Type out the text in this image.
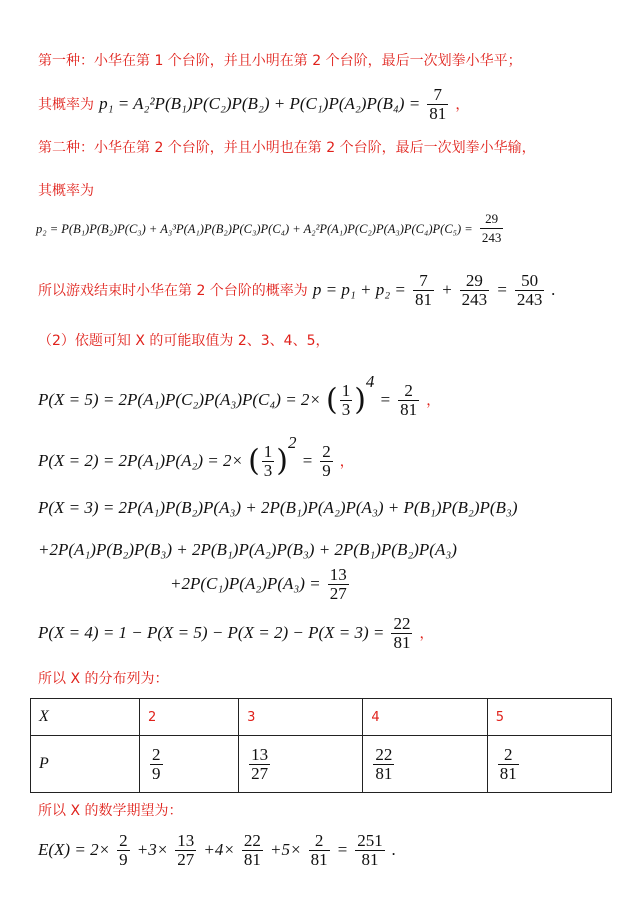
第一种：小华在第 1 个台阶，并且小明在第 2 个台阶，最后一次划拳小华平；
其概率为 $p_1 = A_2^2P(B_1)P(C_2)P(B_2) + P(C_1)P(A_2)P(B_4) = \frac{7}{81}$ ，
第二种：小华在第 2 个台阶，并且小明也在第 2 个台阶，最后一次划拳小华输，
其概率为
$p_2 = P(B_1)P(B_2)P(C_3) + A_3^3P(A_1)P(B_2)P(C_3)P(C_4) + A_2^2P(A_1)P(C_2)P(A_3)P(C_4)P(C_5) = \frac{29}{243}$
所以游戏结束时小华在第 2 个台阶的概率为 $p = p_1 + p_2 = \frac{7}{81} + \frac{29}{243} = \frac{50}{243}$ .
（2）依题可知 X 的可能取值为 2、3、4、5，
P(X = 5) = 2P(A₁)P(C₂)P(A₃)P(C₄) = 2× ( $\frac{1}{3} )^4 = \frac{2}{81}$ ，
P(X = 2) = 2P(A₁)P(A₂) = 2× ( $\frac{1}{3} )^2 = \frac{2}{9}$ ，
P(X = 3) = 2P(A₁)P(B₂)P(A₃) + 2P(B₁)P(A₂)P(A₃) + P(B₁)P(B₂)P(B₃)
+2P(A₁)P(B₂)P(B₃) + 2P(B₁)P(A₂)P(B₃) + 2P(B₁)P(B₂)P(A₃)
$+2P(C_1)P(A_2)P(A_3) = \frac{13}{27}$
$P(X = 4) = 1 - P(X = 5) - P(X = 2) - P(X = 3) = \frac{22}{81}$ ，
所以 X 的分布列为：
X	2	3	4	5
P	$\frac{2}{9}$	$\frac{13}{27}$	$\frac{22}{81}$	$\frac{2}{81}$
所以 X 的数学期望为：
$E(X) = 2\times \frac{2}{9} +3\times \frac{13}{27} +4\times \frac{22}{81} +5\times \frac{2}{81} = \frac{251}{81}$ .
